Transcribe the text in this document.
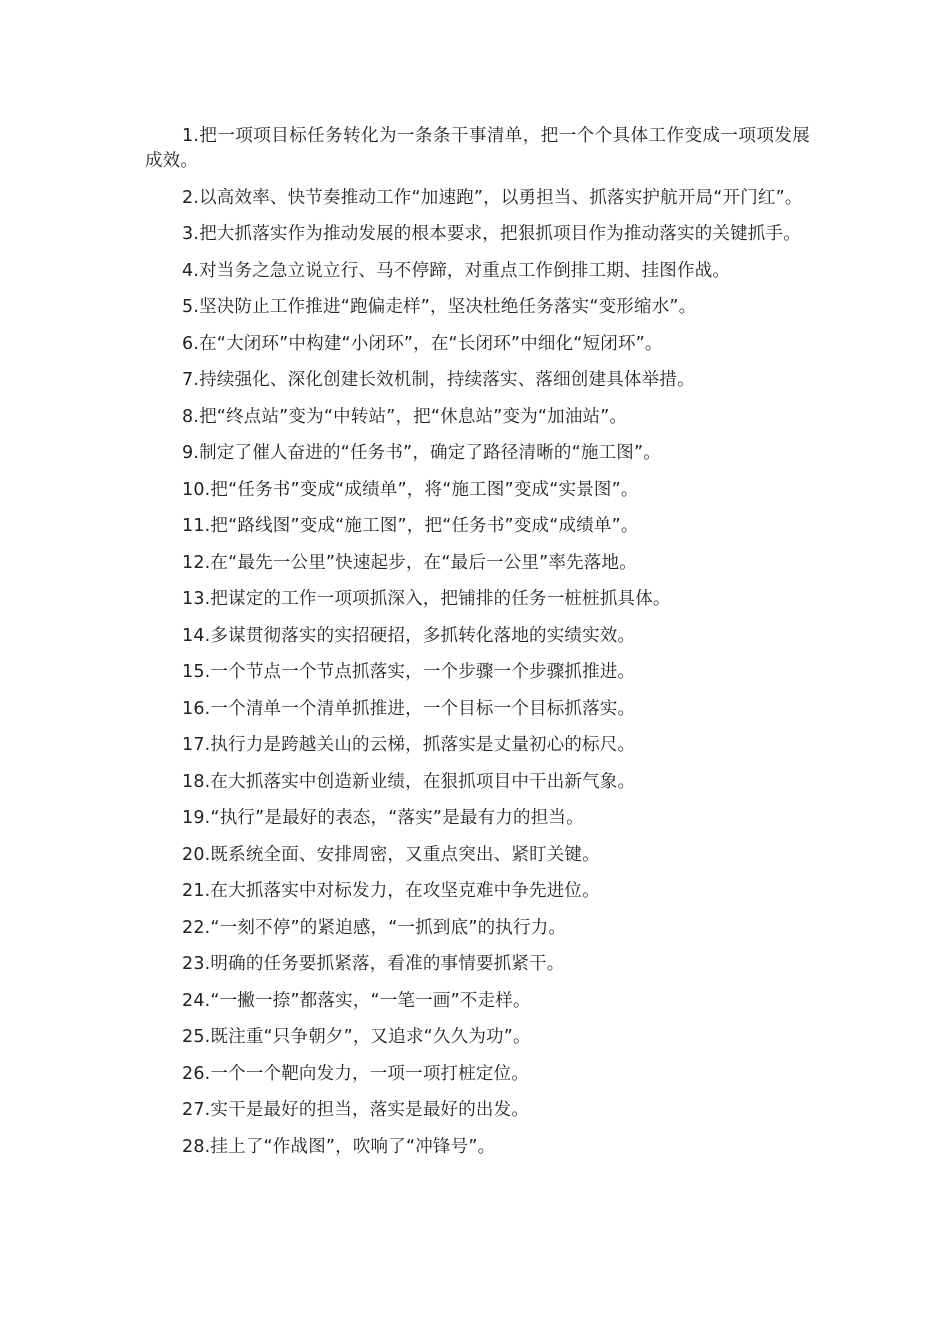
1.把一项项目标任务转化为一条条干事清单，把一个个具体工作变成一项项发展成效。

2.以高效率、快节奏推动工作“加速跑”，以勇担当、抓落实护航开局“开门红”。

3.把大抓落实作为推动发展的根本要求，把狠抓项目作为推动落实的关键抓手。

4.对当务之急立说立行、马不停蹄，对重点工作倒排工期、挂图作战。

5.坚决防止工作推进“跑偏走样”，坚决杜绝任务落实“变形缩水”。

6.在“大闭环”中构建“小闭环”，在“长闭环”中细化“短闭环”。

7.持续强化、深化创建长效机制，持续落实、落细创建具体举措。

8.把“终点站”变为“中转站”，把“休息站”变为“加油站”。

9.制定了催人奋进的“任务书”，确定了路径清晰的“施工图”。

10.把“任务书”变成“成绩单”，将“施工图”变成“实景图”。

11.把“路线图”变成“施工图”，把“任务书”变成“成绩单”。

12.在“最先一公里”快速起步，在“最后一公里”率先落地。

13.把谋定的工作一项项抓深入，把铺排的任务一桩桩抓具体。

14.多谋贯彻落实的实招硬招，多抓转化落地的实绩实效。

15.一个节点一个节点抓落实，一个步骤一个步骤抓推进。

16.一个清单一个清单抓推进，一个目标一个目标抓落实。

17.执行力是跨越关山的云梯，抓落实是丈量初心的标尺。

18.在大抓落实中创造新业绩，在狠抓项目中干出新气象。

19.“执行”是最好的表态，“落实”是最有力的担当。

20.既系统全面、安排周密，又重点突出、紧盯关键。

21.在大抓落实中对标发力，在攻坚克难中争先进位。

22.“一刻不停”的紧迫感，“一抓到底”的执行力。

23.明确的任务要抓紧落，看准的事情要抓紧干。

24.“一撇一捺”都落实，“一笔一画”不走样。

25.既注重“只争朝夕”，又追求“久久为功”。

26.一个一个靶向发力，一项一项打桩定位。

27.实干是最好的担当，落实是最好的出发。

28.挂上了“作战图”，吹响了“冲锋号”。
